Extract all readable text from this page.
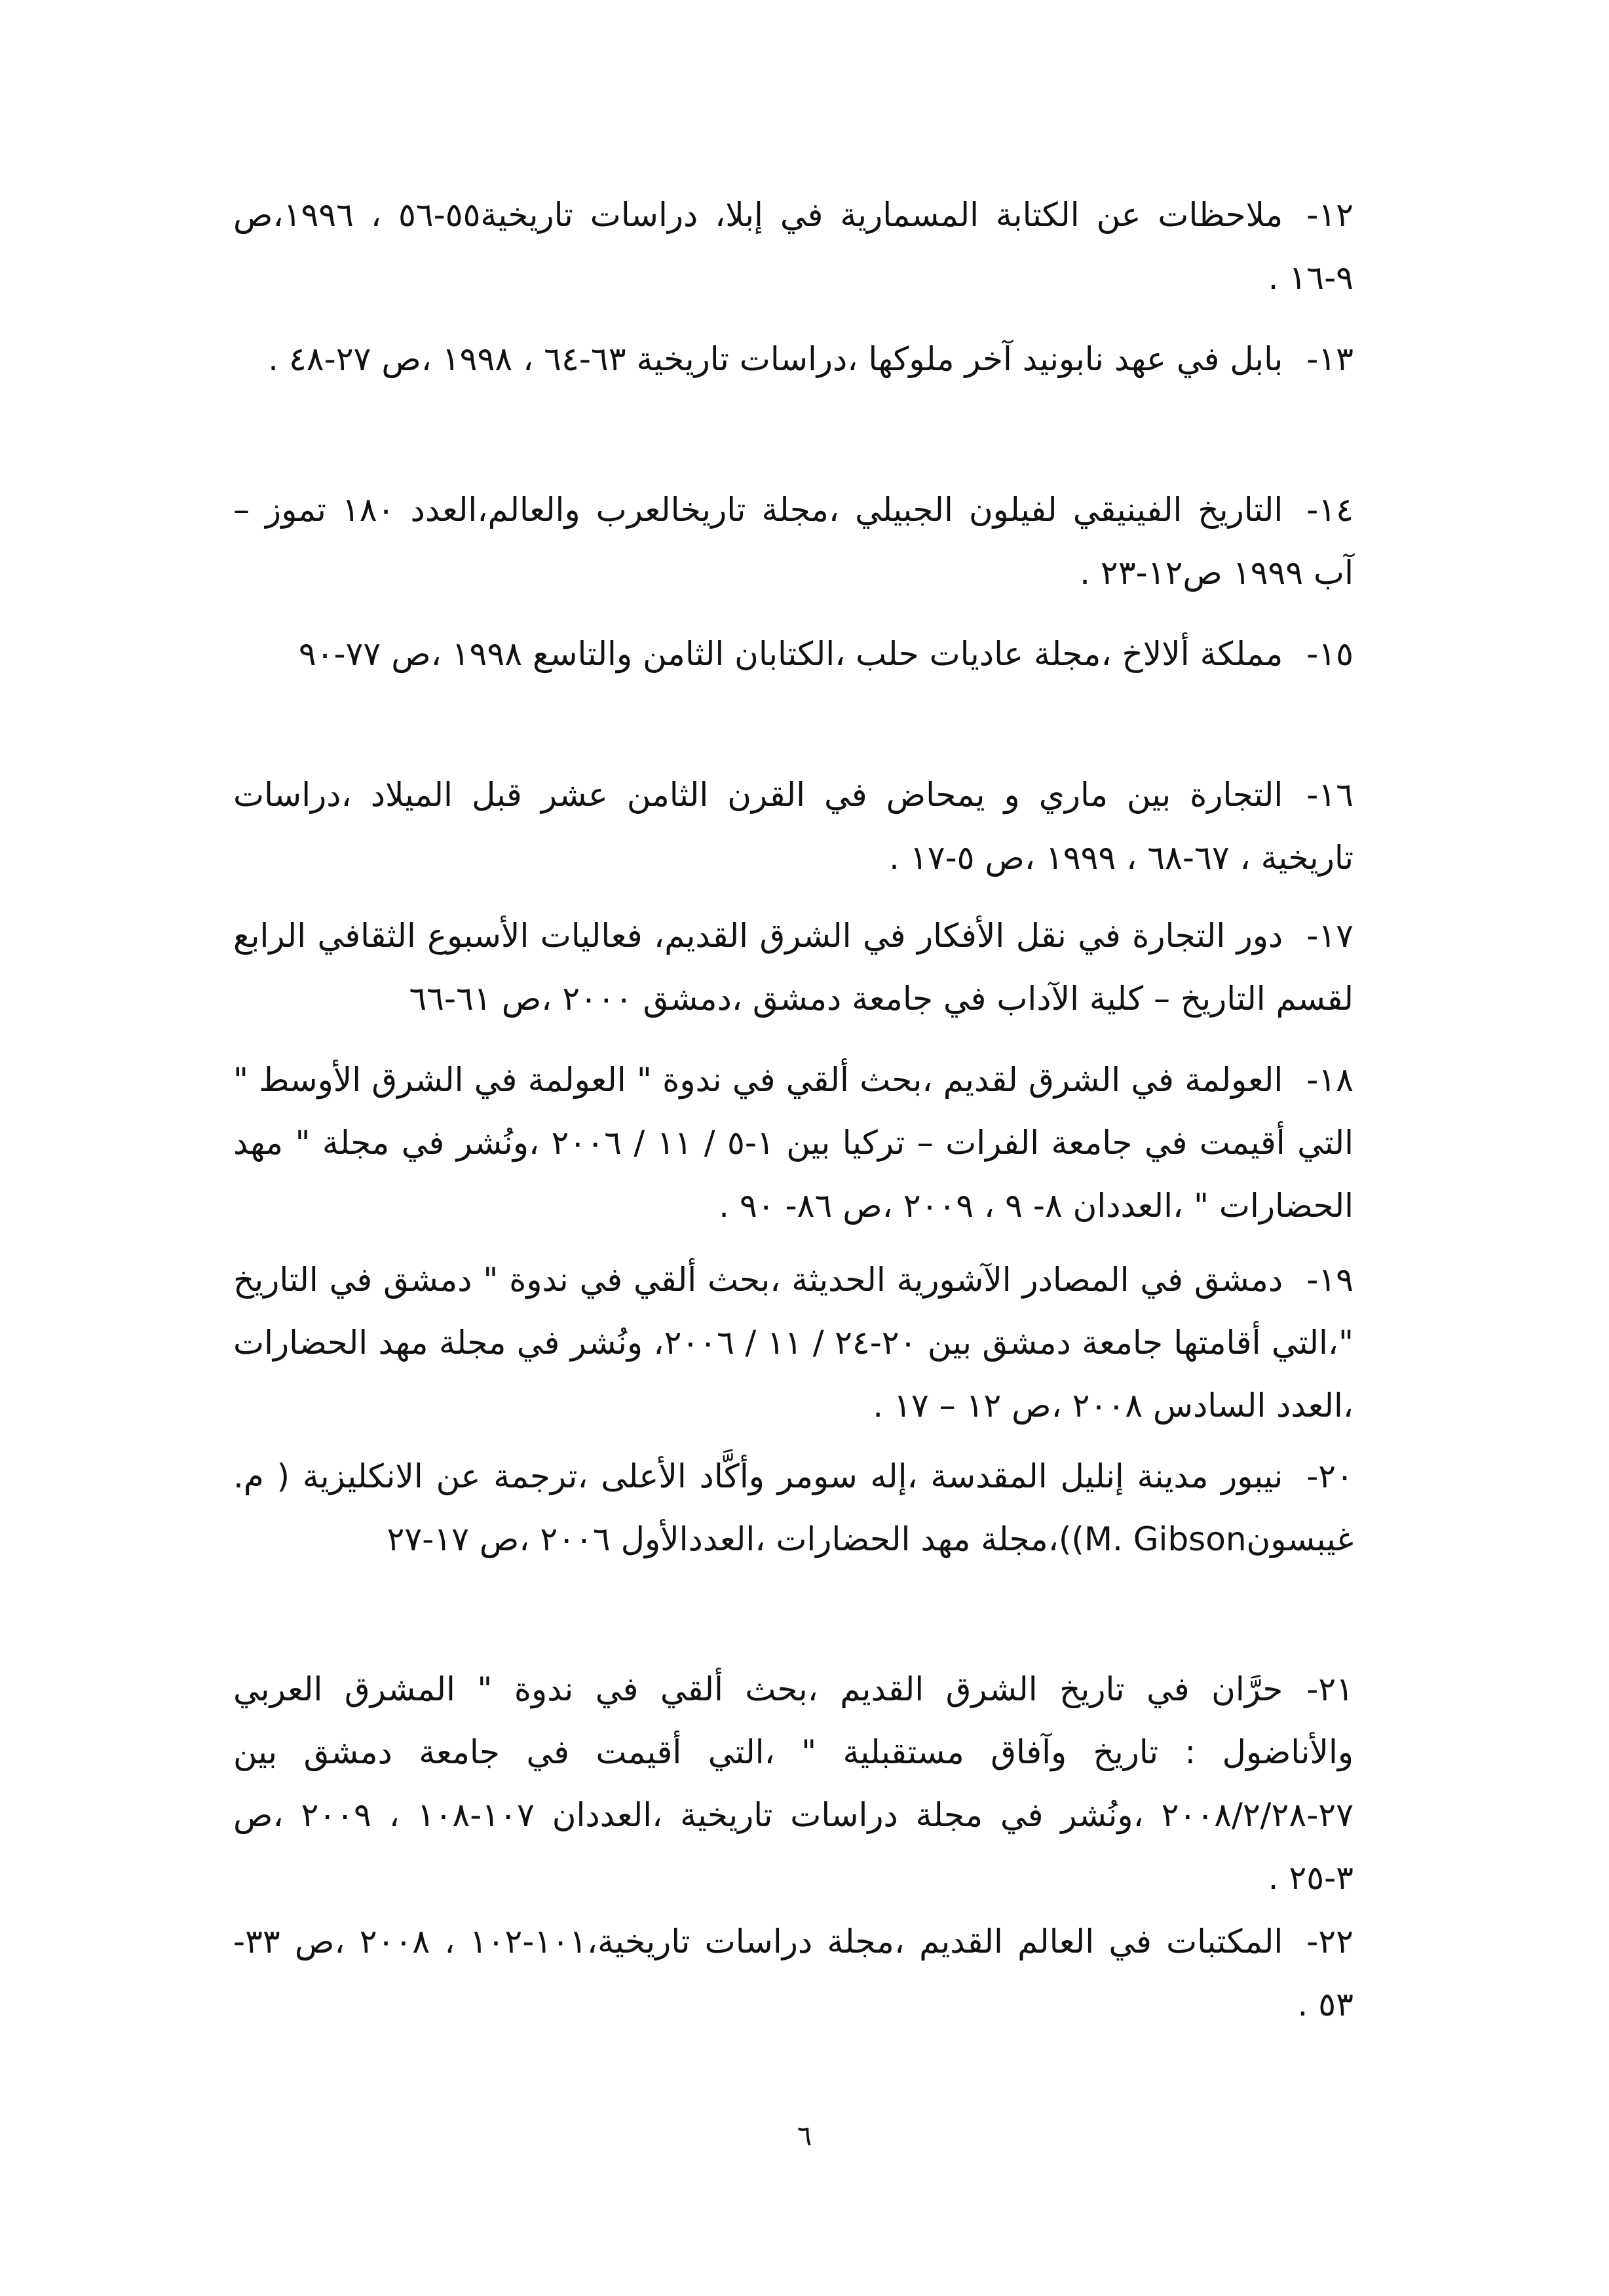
١٢-ملاحظات عن الكتابة المسمارية في إبلا، دراسات تاريخية٥٥-٥٦ ، ١٩٩٦،ص ٩-١٦ .
١٣-بابل في عهد نابونيد آخر ملوكها ،دراسات تاريخية ٦٣-٦٤ ، ١٩٩٨ ،ص ٢٧-٤٨ .
١٤-التاريخ الفينيقي لفيلون الجبيلي ،مجلة تاريخالعرب والعالم،العدد ١٨٠ تموز – آب ١٩٩٩ ص١٢-٢٣ .
١٥-مملكة ألالاخ ،مجلة عاديات حلب ،الكتابان الثامن والتاسع ١٩٩٨ ،ص ٧٧-٩٠
١٦-التجارة بين ماري و يمحاض في القرن الثامن عشر قبل الميلاد ،دراسات تاريخية ، ٦٧-٦٨ ، ١٩٩٩ ،ص ٥-١٧ .
١٧-دور التجارة في نقل الأفكار في الشرق القديم، فعاليات الأسبوع الثقافي الرابع لقسم التاريخ – كلية الآداب في جامعة دمشق ،دمشق ٢٠٠٠ ،ص ٦١-٦٦
١٨-العولمة في الشرق لقديم ،بحث ألقي في ندوة " العولمة في الشرق الأوسط " التي أقيمت في جامعة الفرات – تركيا بين ١-٥ / ١١ / ٢٠٠٦ ،ونُشر في مجلة " مهد الحضارات " ،العددان ٨- ٩ ، ٢٠٠٩ ،ص ٨٦- ٩٠ .
١٩-دمشق في المصادر الآشورية الحديثة ،بحث ألقي في ندوة " دمشق في التاريخ "،التي أقامتها جامعة دمشق بين ٢٠-٢٤ / ١١ / ٢٠٠٦، ونُشر في مجلة مهد الحضارات ،العدد السادس ٢٠٠٨ ،ص ١٢ – ١٧ .
٢٠-نيبور مدينة إنليل المقدسة ،إله سومر وأكَّاد الأعلى ،ترجمة عن الانكليزية ( م. غيبسونM. Gibson))،مجلة مهد الحضارات ،العددالأول ٢٠٠٦ ،ص ١٧-٢٧
٢١-حرَّان في تاريخ الشرق القديم ،بحث ألقي في ندوة " المشرق العربي والأناضول : تاريخ وآفاق مستقبلية " ،التي أقيمت في جامعة دمشق بين ٢٧-٢٠٠٨/٢/٢٨ ،ونُشر في مجلة دراسات تاريخية ،العددان ١٠٧-١٠٨ ، ٢٠٠٩ ،ص ٣-٢٥ .
٢٢-المكتبات في العالم القديم ،مجلة دراسات تاريخية،١٠١-١٠٢ ، ٢٠٠٨ ،ص ٣٣- ٥٣ .
٦
